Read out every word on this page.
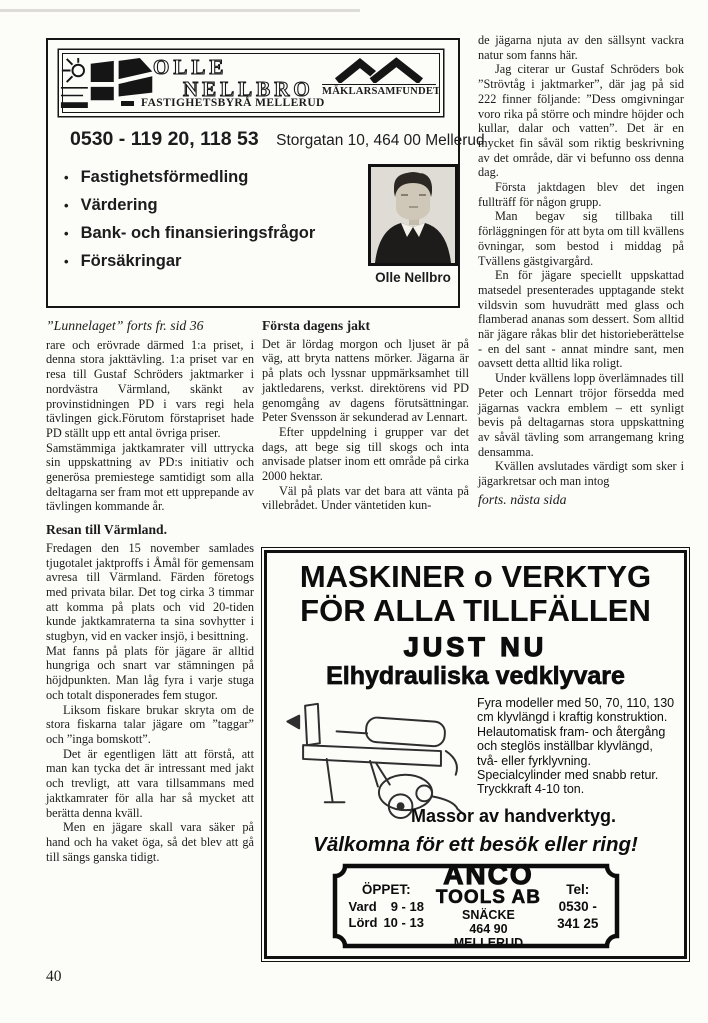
OLLE
NELLBRO
FASTIGHETSBYRÅ MELLERUD
MÄKLARSAMFUNDET
0530 - 119 20, 118 53 Storgatan 10, 464 00 Mellerud
• Fastighetsförmedling
• Värdering
• Bank- och finansieringsfrågor
• Försäkringar
Olle Nellbro
”Lunnelaget” forts fr. sid 36

rare och erövrade därmed 1:a priset, i denna stora jakttävling. 1:a priset var en resa till Gustaf Schröders jaktmarker i nordvästra Värmland, skänkt av provinstidningen PD i vars regi hela tävlingen gick.Förutom förstapriset hade PD ställt upp ett antal övriga priser.

Samstämmiga jaktkamrater vill uttrycka sin uppskattning av PD:s initiativ och generösa premiestege samtidigt som alla deltagarna ser fram mot ett upprepande av tävlingen kommande år.

Resan till Värmland.

Fredagen den 15 november samlades tjugotalet jaktproffs i Åmål för gemensam avresa till Värmland. Färden företogs med privata bilar. Det tog cirka 3 timmar att komma på plats och vid 20-tiden kunde jaktkamraterna ta sina sovhytter i stugbyn, vid en vacker insjö, i besittning.

Mat fanns på plats för jägare är alltid hungriga och snart var stämningen på höjdpunkten. Man låg fyra i varje stuga och totalt disponerades fem stugor.

Liksom fiskare brukar skryta om de stora fiskarna talar jägare om ”taggar” och ”inga bomskott”.

Det är egentligen lätt att förstå, att man kan tycka det är intressant med jakt och trevligt, att vara tillsammans med jaktkamrater för alla har så mycket att berätta denna kväll.

Men en jägare skall vara säker på hand och ha vaket öga, så det blev att gå till sängs ganska tidigt.

Första dagens jakt

Det är lördag morgon och ljuset är på väg, att bryta nattens mörker. Jägarna är på plats och lyssnar uppmärksamhet till jaktledarens, verkst. direktörens vid PD genomgång av dagens förutsättningar. Peter Svensson är sekunderad av Lennart.

Efter uppdelning i grupper var det dags, att bege sig till skogs och inta anvisade platser inom ett område på cirka 2000 hektar.

Väl på plats var det bara att vänta på villebrådet. Under väntetiden kun-

de jägarna njuta av den sällsynt vackra natur som fanns här.

Jag citerar ur Gustaf Schröders bok ”Strövtåg i jaktmarker”, där jag på sid 222 finner följande: ”Dess omgivningar voro rika på större och mindre höjder och kullar, dalar och vatten”. Det är en mycket fin såväl som riktig beskrivning av det område, där vi befunno oss denna dag.

Första jaktdagen blev det ingen fullträff för någon grupp.

Man begav sig tillbaka till förläggningen för att byta om till kvällens övningar, som bestod i middag på Tvällens gästgivargård.

En för jägare speciellt uppskattad matsedel presenterades upptagande stekt vildsvin som huvudrätt med glass och flamberad ananas som dessert. Som alltid när jägare råkas blir det historieberättelse - en del sant - annat mindre sant, men oavsett detta alltid lika roligt.

Under kvällens lopp överlämnades till Peter och Lennart tröjor försedda med jägarnas vackra emblem – ett synligt bevis på deltagarnas stora uppskattning av såväl tävling som arrangemang kring densamma.

Kvällen avslutades värdigt som sker i jägarkretsar och man intog

forts. nästa sida
MASKINER o VERKTYG
FÖR ALLA TILLFÄLLEN
JUST NU
Elhydrauliska vedklyvare

Fyra modeller med 50, 70, 110, 130 cm klyvlängd i kraftig konstruktion. Helautomatisk fram- och återgång och steglös inställbar klyvlängd, två- eller fyrklyvning. Specialcylinder med snabb retur. Tryckkraft 4-10 ton.

Massor av handverktyg.
Välkomna för ett besök eller ring!
ÖPPET:
Vard 9 - 18
Lörd 10 - 13
ANCO
TOOLS AB
SNÄCKE
464 90 MELLERUD
Tel:
0530 -
341 25
40
